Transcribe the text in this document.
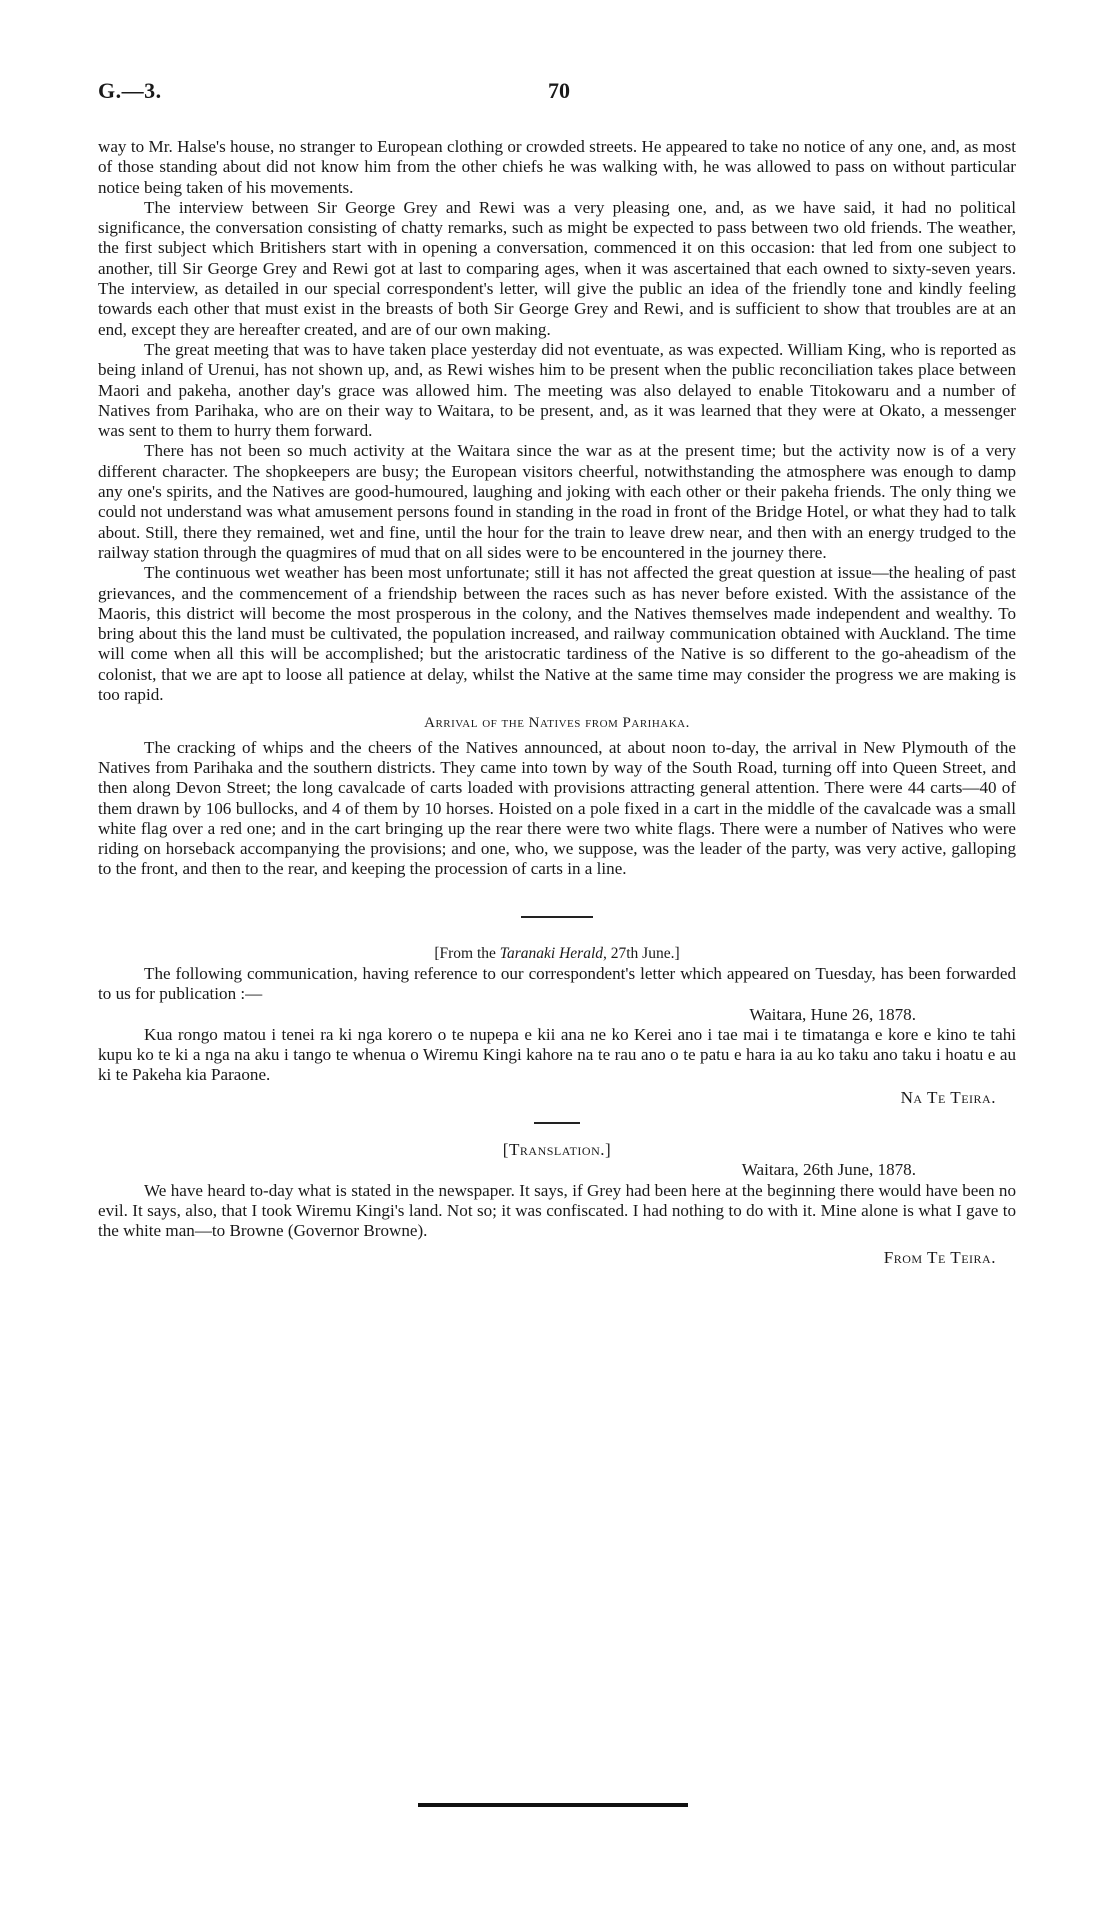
G.—3.	70

way to Mr. Halse's house, no stranger to European clothing or crowded streets. He appeared to take no notice of any one, and, as most of those standing about did not know him from the other chiefs he was walking with, he was allowed to pass on without particular notice being taken of his movements.

The interview between Sir George Grey and Rewi was a very pleasing one, and, as we have said, it had no political significance, the conversation consisting of chatty remarks, such as might be expected to pass between two old friends. The weather, the first subject which Britishers start with in opening a conversation, commenced it on this occasion: that led from one subject to another, till Sir George Grey and Rewi got at last to comparing ages, when it was ascertained that each owned to sixty-seven years. The interview, as detailed in our special correspondent's letter, will give the public an idea of the friendly tone and kindly feeling towards each other that must exist in the breasts of both Sir George Grey and Rewi, and is sufficient to show that troubles are at an end, except they are hereafter created, and are of our own making.

The great meeting that was to have taken place yesterday did not eventuate, as was expected. William King, who is reported as being inland of Urenui, has not shown up, and, as Rewi wishes him to be present when the public reconciliation takes place between Maori and pakeha, another day's grace was allowed him. The meeting was also delayed to enable Titokowaru and a number of Natives from Parihaka, who are on their way to Waitara, to be present, and, as it was learned that they were at Okato, a messenger was sent to them to hurry them forward.

There has not been so much activity at the Waitara since the war as at the present time; but the activity now is of a very different character. The shopkeepers are busy; the European visitors cheerful, notwithstanding the atmosphere was enough to damp any one's spirits, and the Natives are good-humoured, laughing and joking with each other or their pakeha friends. The only thing we could not understand was what amusement persons found in standing in the road in front of the Bridge Hotel, or what they had to talk about. Still, there they remained, wet and fine, until the hour for the train to leave drew near, and then with an energy trudged to the railway station through the quagmires of mud that on all sides were to be encountered in the journey there.

The continuous wet weather has been most unfortunate; still it has not affected the great question at issue—the healing of past grievances, and the commencement of a friendship between the races such as has never before existed. With the assistance of the Maoris, this district will become the most prosperous in the colony, and the Natives themselves made independent and wealthy. To bring about this the land must be cultivated, the population increased, and railway communication obtained with Auckland. The time will come when all this will be accomplished; but the aristocratic tardiness of the Native is so different to the go-aheadism of the colonist, that we are apt to loose all patience at delay, whilst the Native at the same time may consider the progress we are making is too rapid.

Arrival of the Natives from Parihaka.

The cracking of whips and the cheers of the Natives announced, at about noon to-day, the arrival in New Plymouth of the Natives from Parihaka and the southern districts. They came into town by way of the South Road, turning off into Queen Street, and then along Devon Street; the long cavalcade of carts loaded with provisions attracting general attention. There were 44 carts—40 of them drawn by 106 bullocks, and 4 of them by 10 horses. Hoisted on a pole fixed in a cart in the middle of the cavalcade was a small white flag over a red one; and in the cart bringing up the rear there were two white flags. There were a number of Natives who were riding on horseback accompanying the provisions; and one, who, we suppose, was the leader of the party, was very active, galloping to the front, and then to the rear, and keeping the procession of carts in a line.

[From the Taranaki Herald, 27th June.]

The following communication, having reference to our correspondent's letter which appeared on Tuesday, has been forwarded to us for publication :—

Waitara, Hune 26, 1878.

Kua rongo matou i tenei ra ki nga korero o te nupepa e kii ana ne ko Kerei ano i tae mai i te timatanga e kore e kino te tahi kupu ko te ki a nga na aku i tango te whenua o Wiremu Kingi kahore na te rau ano o te patu e hara ia au ko taku ano taku i hoatu e au ki te Pakeha kia Paraone.

Na Te Teira.

[Translation.]

Waitara, 26th June, 1878.

We have heard to-day what is stated in the newspaper. It says, if Grey had been here at the beginning there would have been no evil. It says, also, that I took Wiremu Kingi's land. Not so; it was confiscated. I had nothing to do with it. Mine alone is what I gave to the white man—to Browne (Governor Browne).

From Te Teira.
